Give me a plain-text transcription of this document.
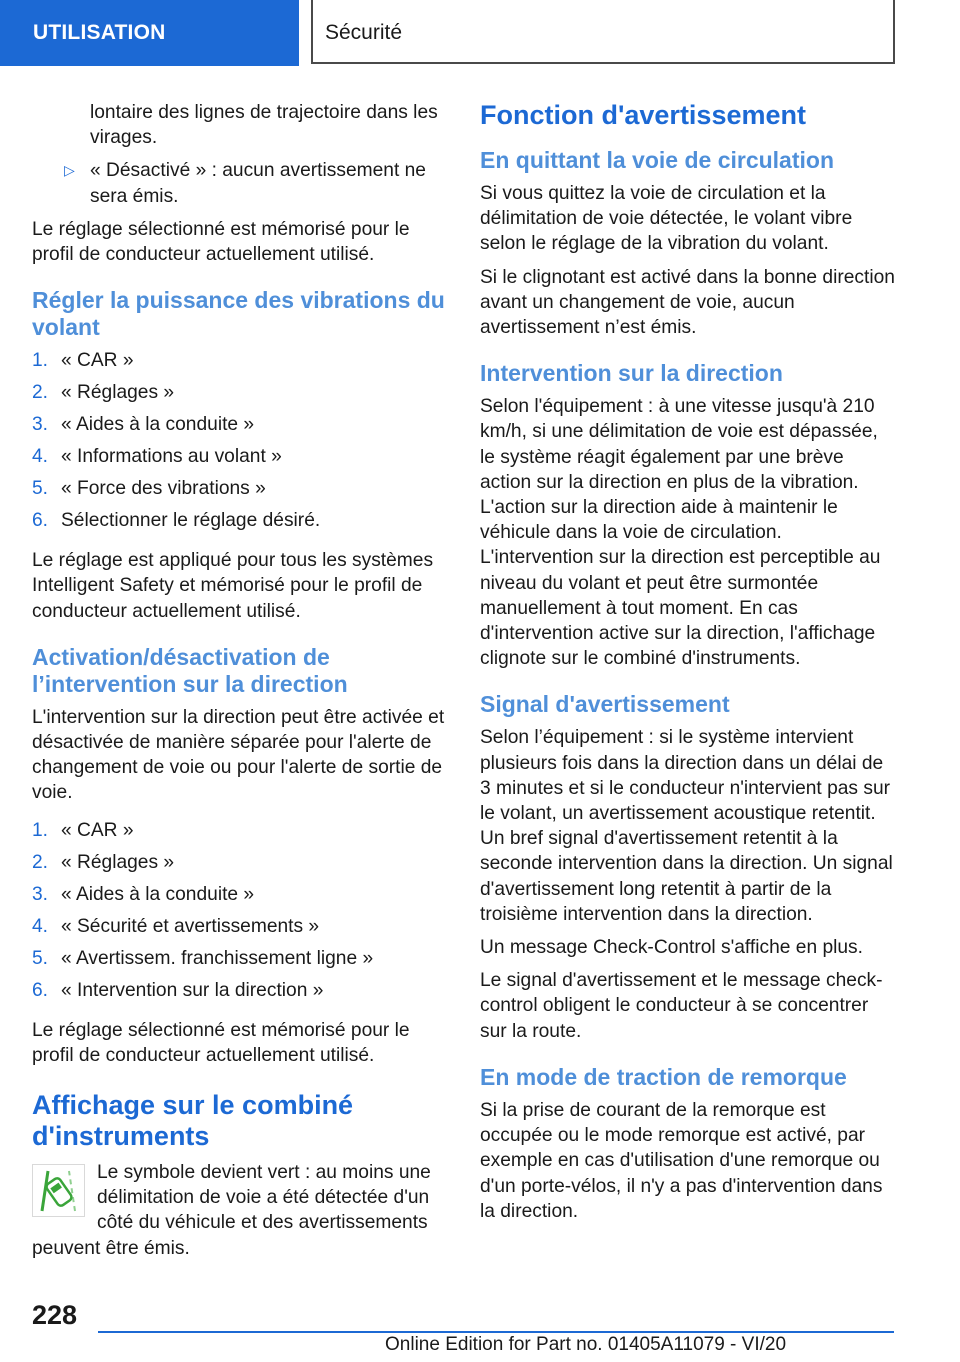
UTILISATION	Sécurité
lontaire des lignes de trajectoire dans les virages.
▷ « Désactivé » : aucun avertissement ne sera émis.

Le réglage sélectionné est mémorisé pour le profil de conducteur actuellement utilisé.

Régler la puissance des vibrations du volant
1. « CAR »
2. « Réglages »
3. « Aides à la conduite »
4. « Informations au volant »
5. « Force des vibrations »
6. Sélectionner le réglage désiré.

Le réglage est appliqué pour tous les systèmes Intelligent Safety et mémorisé pour le profil de conducteur actuellement utilisé.

Activation/désactivation de l’intervention sur la direction

L'intervention sur la direction peut être activée et désactivée de manière séparée pour l'alerte de changement de voie ou pour l'alerte de sortie de voie.

1. « CAR »
2. « Réglages »
3. « Aides à la conduite »
4. « Sécurité et avertissements »
5. « Avertissem. franchissement ligne »
6. « Intervention sur la direction »

Le réglage sélectionné est mémorisé pour le profil de conducteur actuellement utilisé.

Affichage sur le combiné d'instruments
Le symbole devient vert : au moins une délimitation de voie a été détectée d'un côté du véhicule et des avertissements peuvent être émis.
Fonction d'avertissement
En quittant la voie de circulation

Si vous quittez la voie de circulation et la délimitation de voie détectée, le volant vibre selon le réglage de la vibration du volant.

Si le clignotant est activé dans la bonne direction avant un changement de voie, aucun avertissement n’est émis.

Intervention sur la direction

Selon l'équipement : à une vitesse jusqu'à 210 km/h, si une délimitation de voie est dépassée, le système réagit également par une brève action sur la direction en plus de la vibration. L'action sur la direction aide à maintenir le véhicule dans la voie de circulation. L'intervention sur la direction est perceptible au niveau du volant et peut être surmontée manuellement à tout moment. En cas d'intervention active sur la direction, l'affichage clignote sur le combiné d'instruments.

Signal d'avertissement

Selon l’équipement : si le système intervient plusieurs fois dans la direction dans un délai de 3 minutes et si le conducteur n'intervient pas sur le volant, un avertissement acoustique retentit. Un bref signal d'avertissement retentit à la seconde intervention dans la direction. Un signal d'avertissement long retentit à partir de la troisième intervention dans la direction.

Un message Check-Control s'affiche en plus.

Le signal d'avertissement et le message check-control obligent le conducteur à se concentrer sur la route.

En mode de traction de remorque

Si la prise de courant de la remorque est occupée ou le mode remorque est activé, par exemple en cas d'utilisation d'une remorque ou d'un porte-vélos, il n'y a pas d'intervention dans la direction.

228
Online Edition for Part no. 01405A11079 - VI/20
